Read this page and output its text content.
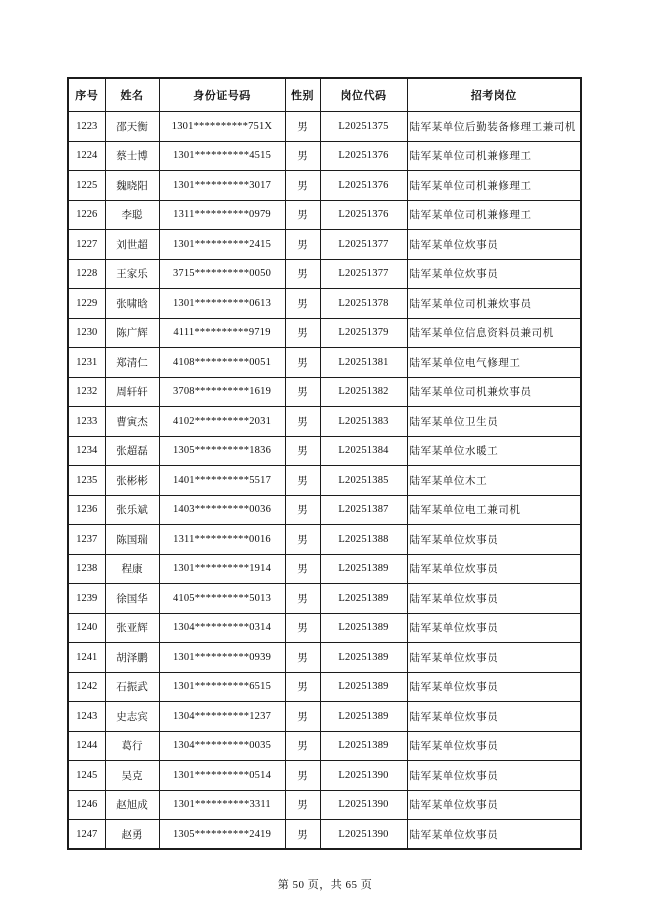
序号	姓名	身份证号码	性别	岗位代码	招考岗位
1223	邵天衡	1301**********751X	男	L20251375	陆军某单位后勤装备修理工兼司机
1224	蔡士博	1301**********4515	男	L20251376	陆军某单位司机兼修理工
1225	魏晓阳	1301**********3017	男	L20251376	陆军某单位司机兼修理工
1226	李聪	1311**********0979	男	L20251376	陆军某单位司机兼修理工
1227	刘世超	1301**********2415	男	L20251377	陆军某单位炊事员
1228	王家乐	3715**********0050	男	L20251377	陆军某单位炊事员
1229	张啸晗	1301**********0613	男	L20251378	陆军某单位司机兼炊事员
1230	陈广辉	4111**********9719	男	L20251379	陆军某单位信息资料员兼司机
1231	郑清仁	4108**********0051	男	L20251381	陆军某单位电气修理工
1232	周轩轩	3708**********1619	男	L20251382	陆军某单位司机兼炊事员
1233	曹寅杰	4102**********2031	男	L20251383	陆军某单位卫生员
1234	张超磊	1305**********1836	男	L20251384	陆军某单位水暖工
1235	张彬彬	1401**********5517	男	L20251385	陆军某单位木工
1236	张乐斌	1403**********0036	男	L20251387	陆军某单位电工兼司机
1237	陈国瑞	1311**********0016	男	L20251388	陆军某单位炊事员
1238	程康	1301**********1914	男	L20251389	陆军某单位炊事员
1239	徐国华	4105**********5013	男	L20251389	陆军某单位炊事员
1240	张亚辉	1304**********0314	男	L20251389	陆军某单位炊事员
1241	胡泽鹏	1301**********0939	男	L20251389	陆军某单位炊事员
1242	石振武	1301**********6515	男	L20251389	陆军某单位炊事员
1243	史志宾	1304**********1237	男	L20251389	陆军某单位炊事员
1244	葛行	1304**********0035	男	L20251389	陆军某单位炊事员
1245	吴克	1301**********0514	男	L20251390	陆军某单位炊事员
1246	赵旭成	1301**********3311	男	L20251390	陆军某单位炊事员
1247	赵勇	1305**********2419	男	L20251390	陆军某单位炊事员
第 50 页，共 65 页
